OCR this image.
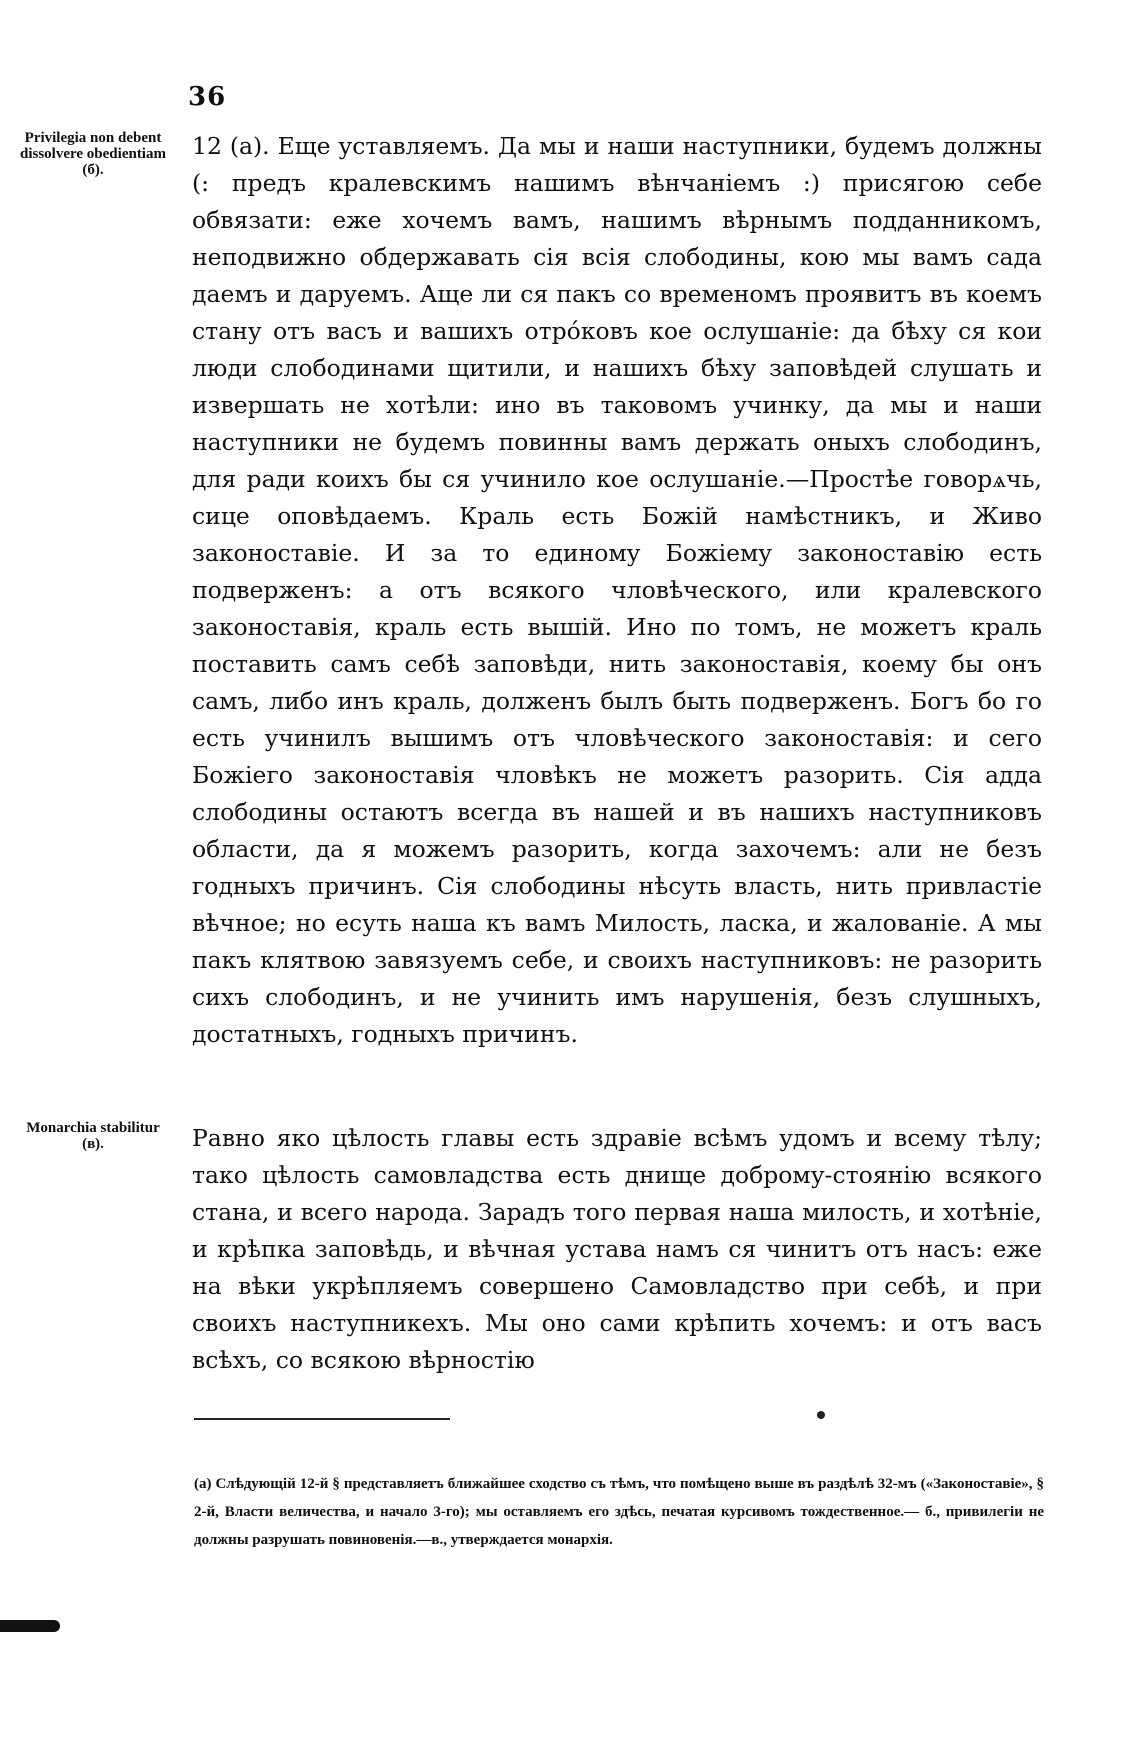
36
Privilegia non debent dissolvere obedientiam (б).
Monarchia stabilitur (в).

12 (а). Еще уставляемъ. Да мы и наши наступники, будемъ должны (: предъ кралевскимъ нашимъ вѣнчаніемъ :) присягою себе обвязати: еже хочемъ вамъ, нашимъ вѣрнымъ подданникомъ, неподвижно обдержавать сія всія слободины, кою мы вамъ сада даемъ и даруемъ. Аще ли ся пакъ со временомъ проявитъ въ коемъ стану отъ васъ и вашихъ отрόковъ кое ослушаніе: да бѣху ся кои люди слободинами щитили, и нашихъ бѣху заповѣдей слушать и извершать не хотѣли: ино въ таковомъ учинку, да мы и наши наступники не будемъ повинны вамъ держать оныхъ слободинъ, для ради коихъ бы ся учинило кое ослушаніе.—Простѣе говорѧчь, сице оповѣдаемъ. Краль есть Божій намѣстникъ, и Живо законоставіе. И за то единому Божіему законоставію есть подверженъ: а отъ всякого чловѣческого, или кралевского законоставія, краль есть вышій. Ино по томъ, не можетъ краль поставить самъ себѣ заповѣди, нить законоставія, коему бы онъ самъ, либо инъ краль, долженъ былъ быть подверженъ. Богъ бо го есть учинилъ вышимъ отъ чловѣческого законоставія: и сего Божіего законоставія чловѣкъ не можетъ разорить. Сія адда слободины остаютъ всегда въ нашей и въ нашихъ наступниковъ области, да я можемъ разорить, когда захочемъ: али не безъ годныхъ причинъ. Сія слободины нѣсуть власть, нить привластіе вѣчное; но есуть наша къ вамъ Милость, ласка, и жалованіе. А мы пакъ клятвою завязуемъ себе, и своихъ наступниковъ: не разорить сихъ слободинъ, и не учинить имъ нарушенія, безъ слушныхъ, достатныхъ, годныхъ причинъ.

Равно яко цѣлость главы есть здравіе всѣмъ удомъ и всему тѣлу; тако цѣлость самовладства есть днище доброму-стоянію всякого стана, и всего народа. Зарадъ того первая наша милость, и хотѣніе, и крѣпка заповѣдь, и вѣчная устава намъ ся чинитъ отъ насъ: еже на вѣки укрѣпляемъ совершено Самовладство при себѣ, и при своихъ наступникехъ. Мы оно сами крѣпить хочемъ: и отъ васъ всѣхъ, со всякою вѣрностію

(а) Слѣдующій 12-й § представляетъ ближайшее сходство съ тѣмъ, что помѣщено выше въ раздѣлѣ 32-мъ («Законоставіе», § 2-й, Власти величества, и начало 3-го); мы оставляемъ его здѣсь, печатая курсивомъ тождественное.— б., привилегіи не должны разрушать повиновенія.—в., утверждается монархія.
